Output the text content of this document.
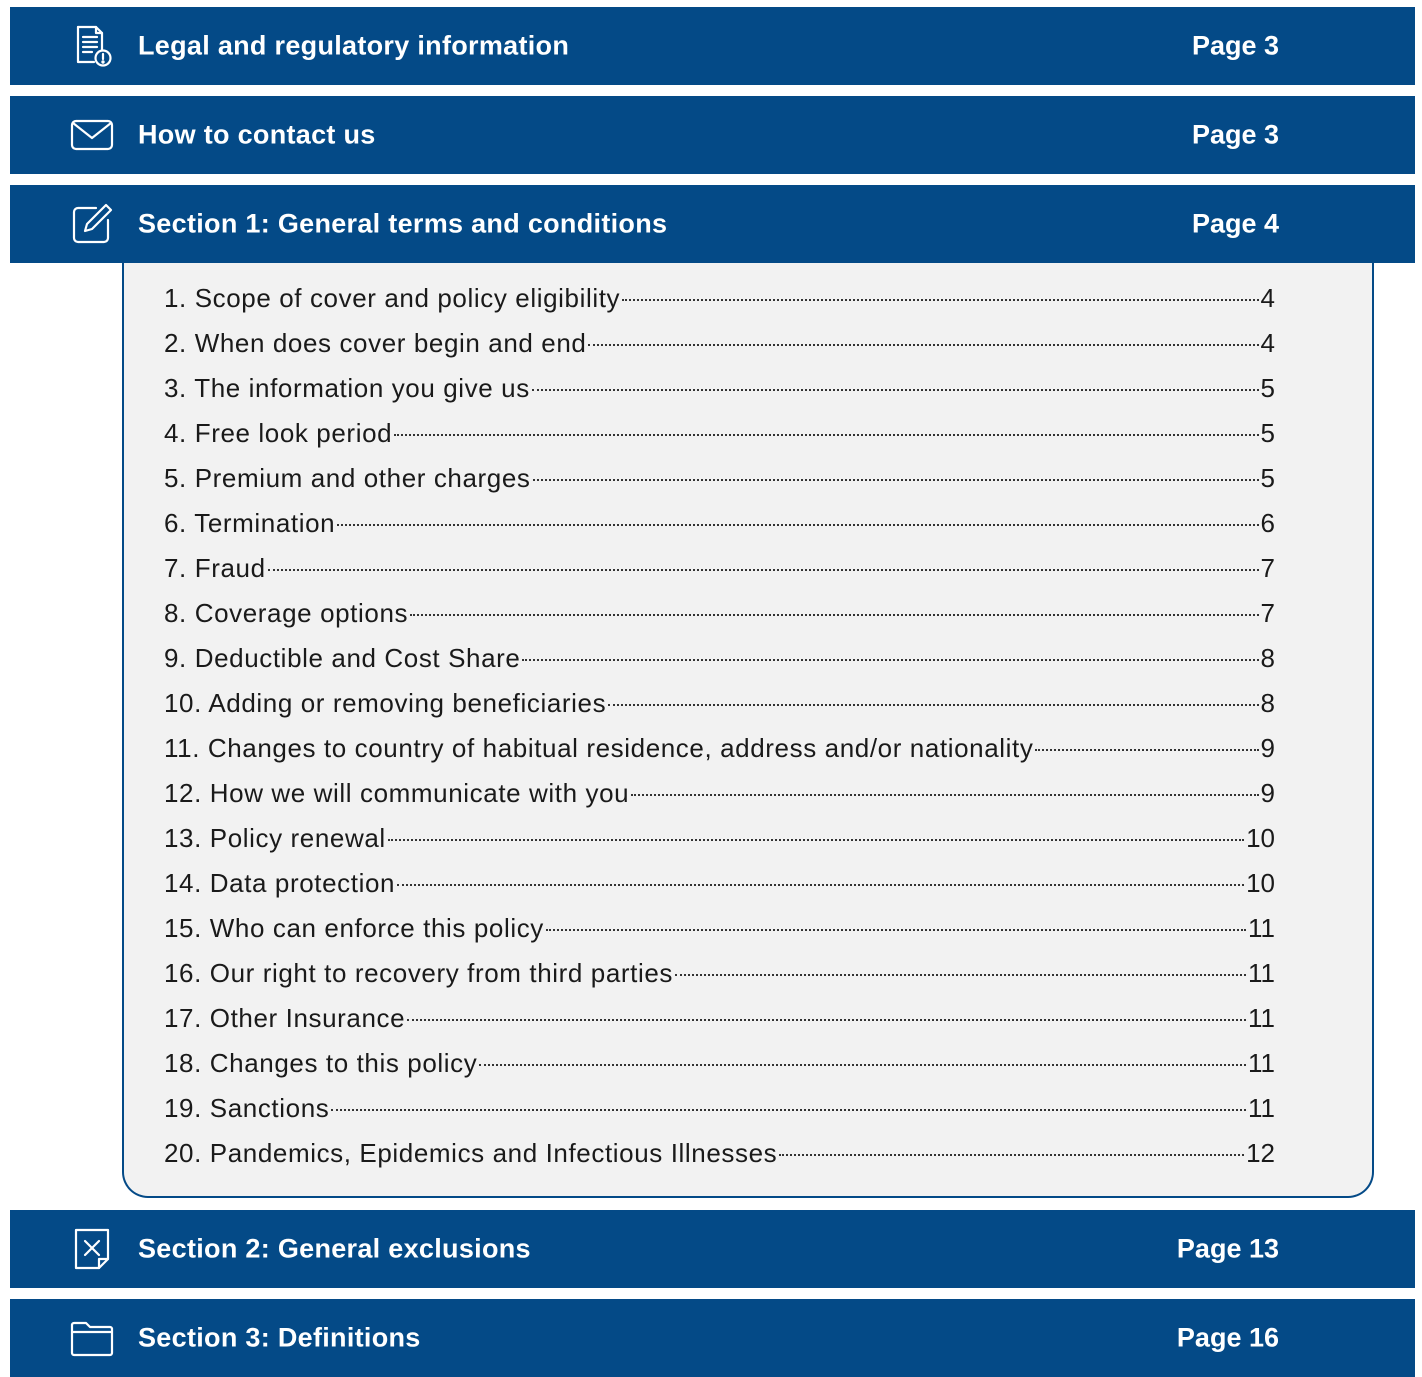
Legal and regulatory information	Page 3
How to contact us	Page 3
Section 1: General terms and conditions	Page 4
1. Scope of cover and policy eligibility	4
2. When does cover begin and end	4
3. The information you give us	5
4. Free look period	5
5. Premium and other charges	5
6. Termination	6
7. Fraud	7
8. Coverage options	7
9. Deductible and Cost Share	8
10. Adding or removing beneficiaries	8
11. Changes to country of habitual residence, address and/or nationality	9
12. How we will communicate with you	9
13. Policy renewal	10
14. Data protection	10
15. Who can enforce this policy	11
16. Our right to recovery from third parties	11
17. Other Insurance	11
18. Changes to this policy	11
19. Sanctions	11
20. Pandemics, Epidemics and Infectious Illnesses	12
Section 2: General exclusions	Page 13
Section 3: Definitions	Page 16
